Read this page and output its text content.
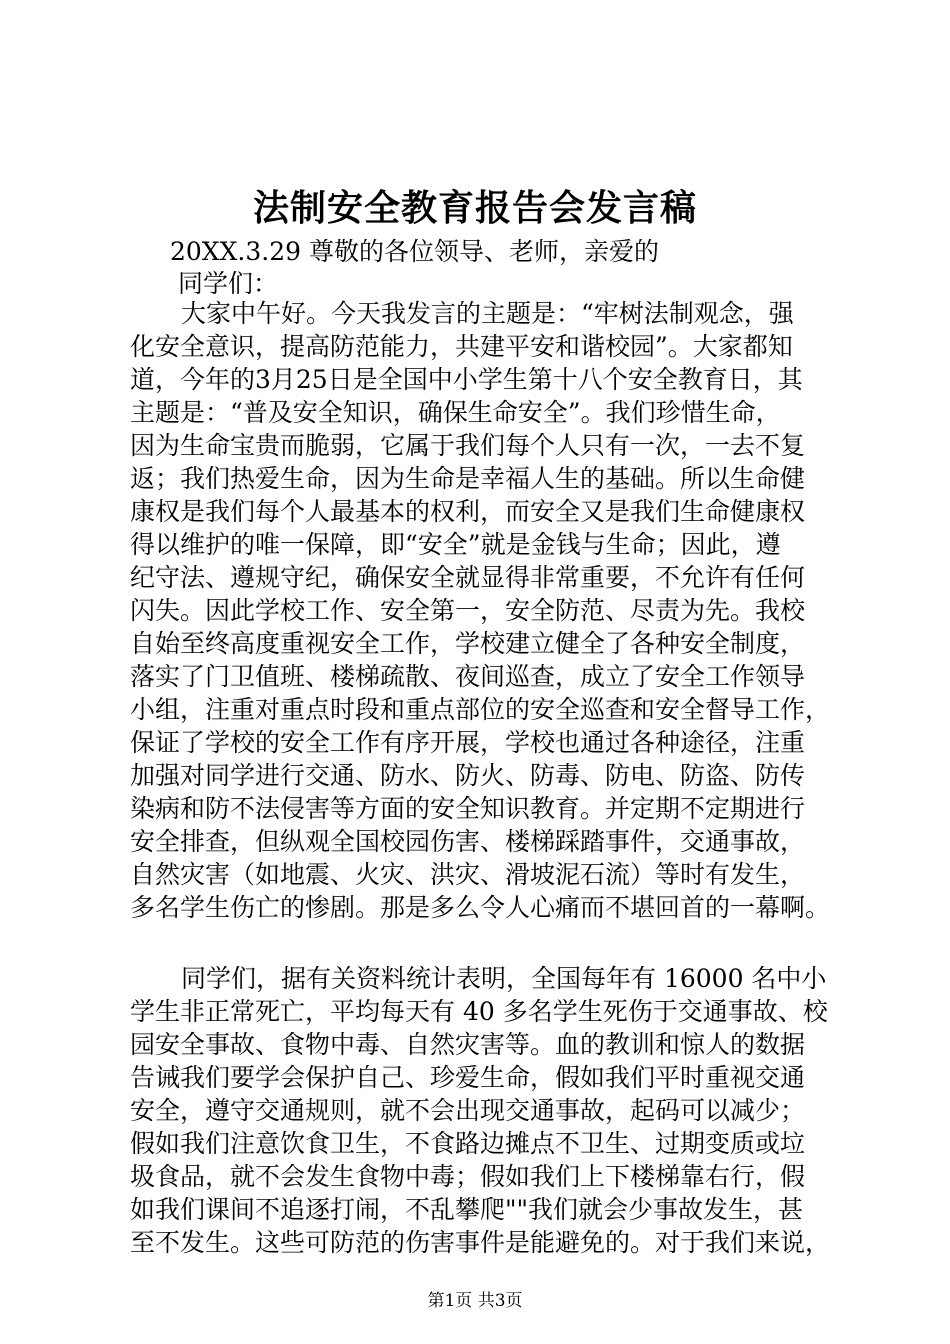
法制安全教育报告会发言稿
20XX.3.29 尊敬的各位领导、老师，亲爱的
同学们：
大家中午好。今天我发言的主题是：“牢树法制观念，强
化安全意识，提高防范能力，共建平安和谐校园”。大家都知
道，今年的3月25日是全国中小学生第十八个安全教育日，其
主题是：“普及安全知识，确保生命安全”。我们珍惜生命，
因为生命宝贵而脆弱，它属于我们每个人只有一次，一去不复
返；我们热爱生命，因为生命是幸福人生的基础。所以生命健
康权是我们每个人最基本的权利，而安全又是我们生命健康权
得以维护的唯一保障，即“安全”就是金钱与生命；因此，遵
纪守法、遵规守纪，确保安全就显得非常重要，不允许有任何
闪失。因此学校工作、安全第一，安全防范、尽责为先。我校
自始至终高度重视安全工作，学校建立健全了各种安全制度，
落实了门卫值班、楼梯疏散、夜间巡查，成立了安全工作领导
小组，注重对重点时段和重点部位的安全巡查和安全督导工作，
保证了学校的安全工作有序开展，学校也通过各种途径，注重
加强对同学进行交通、防水、防火、防毒、防电、防盗、防传
染病和防不法侵害等方面的安全知识教育。并定期不定期进行
安全排查，但纵观全国校园伤害、楼梯踩踏事件，交通事故，
自然灾害（如地震、火灾、洪灾、滑坡泥石流）等时有发生，
多名学生伤亡的惨剧。那是多么令人心痛而不堪回首的一幕啊。
同学们，据有关资料统计表明，全国每年有 16000 名中小
学生非正常死亡，平均每天有 40 多名学生死伤于交通事故、校
园安全事故、食物中毒、自然灾害等。血的教训和惊人的数据
告诫我们要学会保护自己、珍爱生命，假如我们平时重视交通
安全，遵守交通规则，就不会出现交通事故，起码可以减少；
假如我们注意饮食卫生，不食路边摊点不卫生、过期变质或垃
圾食品，就不会发生食物中毒；假如我们上下楼梯靠右行，假
如我们课间不追逐打闹，不乱攀爬""我们就会少事故发生，甚
至不发生。这些可防范的伤害事件是能避免的。对于我们来说，
第1页 共3页
